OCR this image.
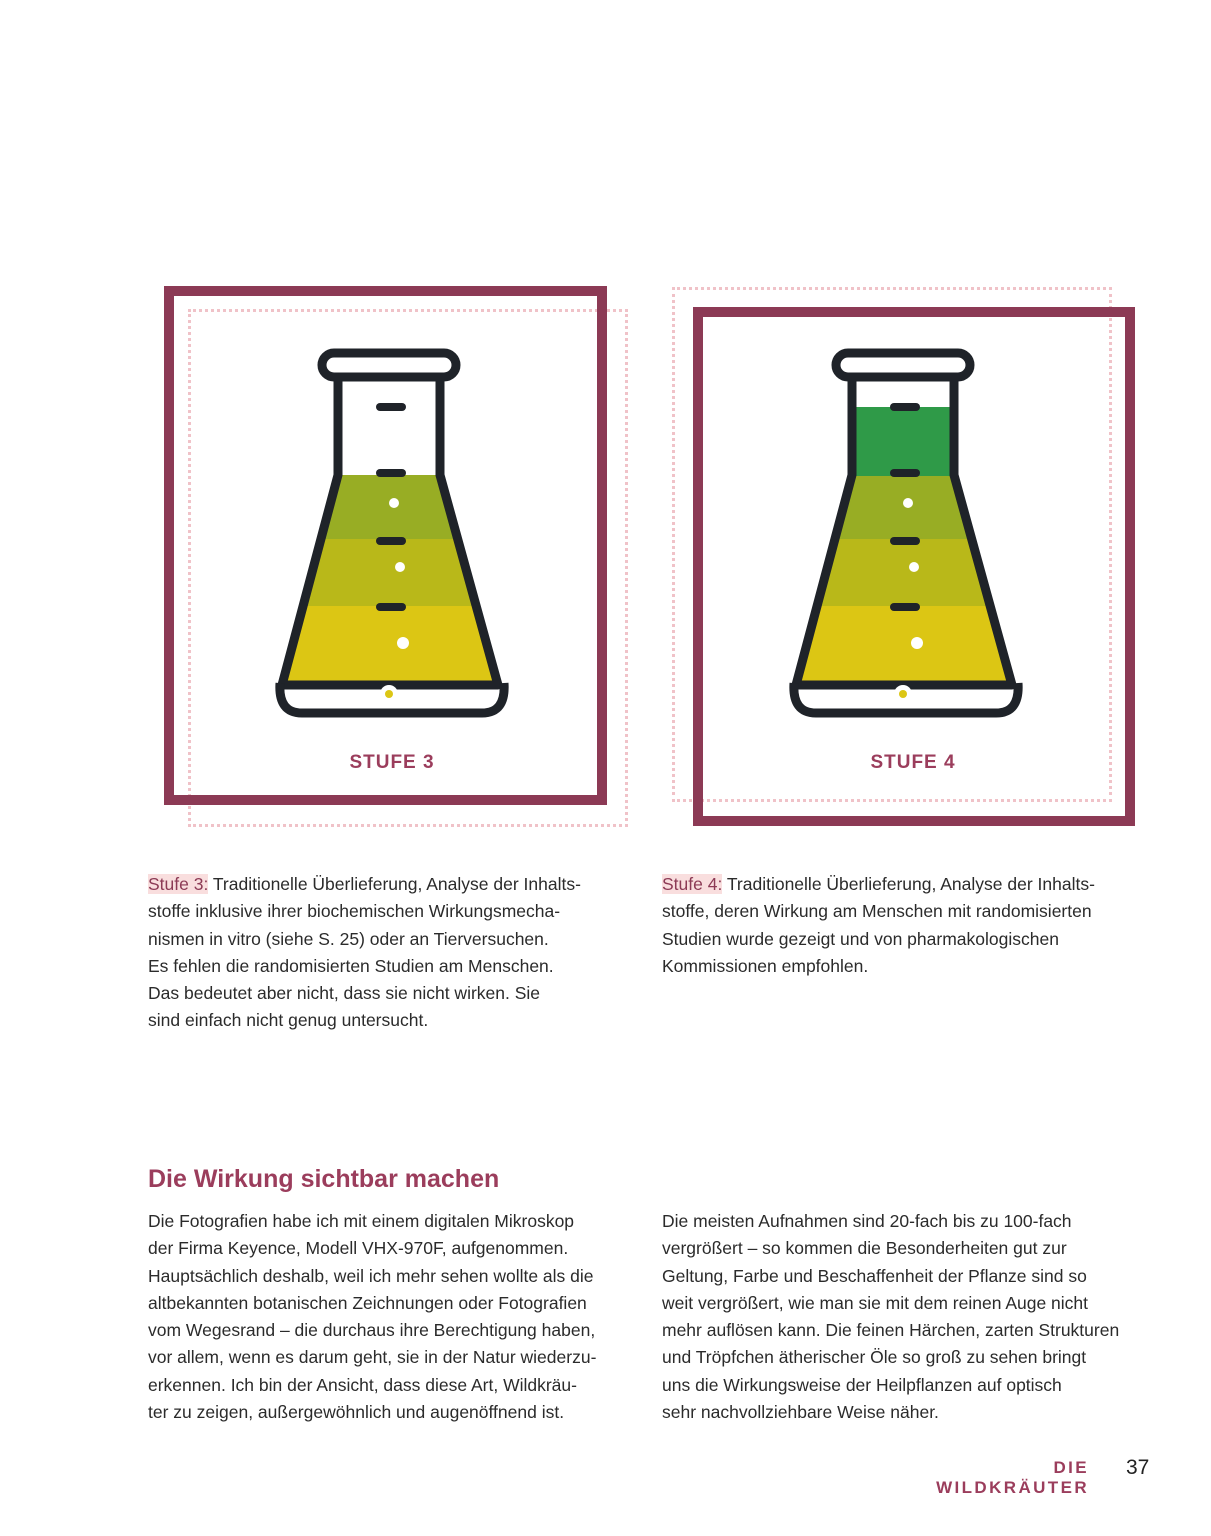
STUFE 3	STUFE 4
Stufe 3: Traditionelle Überlieferung, Analyse der Inhalts-
stoffe inklusive ihrer biochemischen Wirkungsmecha-
nismen in vitro (siehe S. 25) oder an Tierversuchen.
Es fehlen die randomisierten Studien am Menschen.
Das bedeutet aber nicht, dass sie nicht wirken. Sie
sind einfach nicht genug untersucht.
Stufe 4: Traditionelle Überlieferung, Analyse der Inhalts-
stoffe, deren Wirkung am Menschen mit randomisierten
Studien wurde gezeigt und von pharmakologischen
Kommissionen empfohlen.
Die Wirkung sichtbar machen
Die Fotografien habe ich mit einem digitalen Mikroskop
der Firma Keyence, Modell VHX-970F, aufgenommen.
Hauptsächlich deshalb, weil ich mehr sehen wollte als die
altbekannten botanischen Zeichnungen oder Fotografien
vom Wegesrand – die durchaus ihre Berechtigung haben,
vor allem, wenn es darum geht, sie in der Natur wiederzu-
erkennen. Ich bin der Ansicht, dass diese Art, Wildkräu-
ter zu zeigen, außergewöhnlich und augenöffnend ist.
Die meisten Aufnahmen sind 20-fach bis zu 100-fach
vergrößert – so kommen die Besonderheiten gut zur
Geltung, Farbe und Beschaffenheit der Pflanze sind so
weit vergrößert, wie man sie mit dem reinen Auge nicht
mehr auflösen kann. Die feinen Härchen, zarten Strukturen
und Tröpfchen ätherischer Öle so groß zu sehen bringt
uns die Wirkungsweise der Heilpflanzen auf optisch
sehr nachvollziehbare Weise näher.
DIE WILDKRÄUTER
37
